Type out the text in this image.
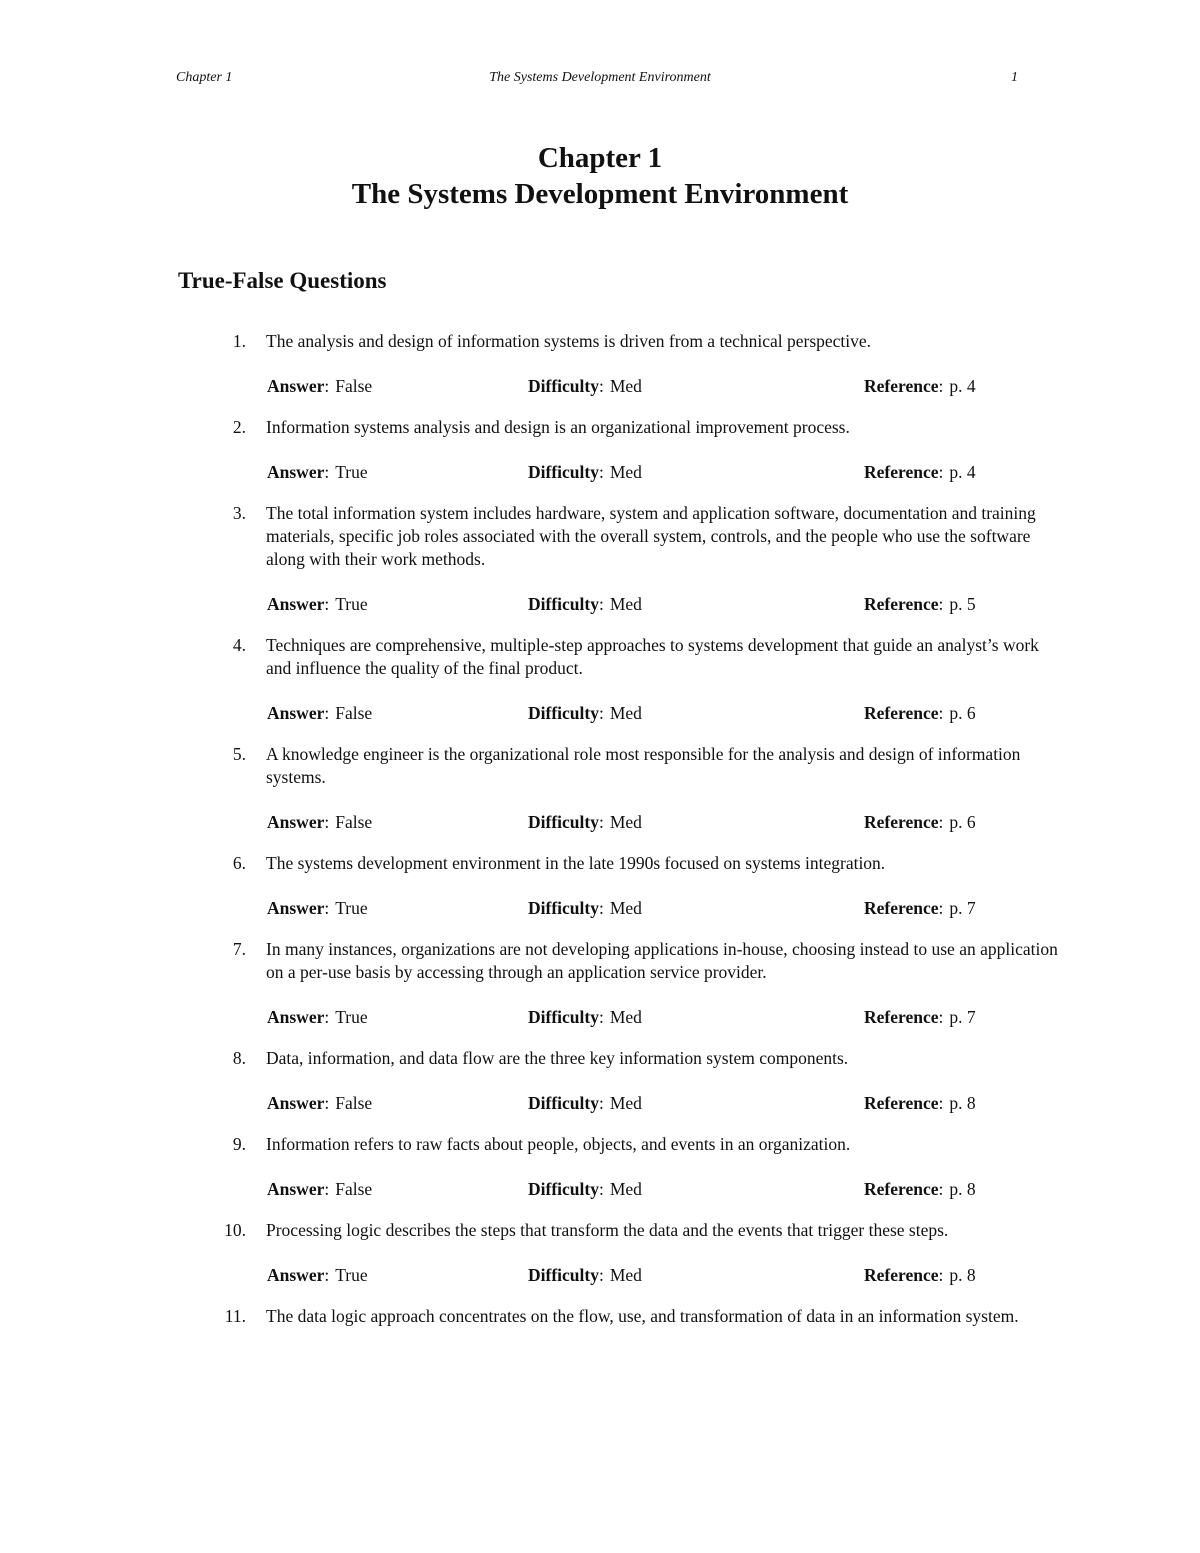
Chapter 1	The Systems Development Environment	1
Chapter 1
The Systems Development Environment
True-False Questions
1. The analysis and design of information systems is driven from a technical perspective.
Answer: False	Difficulty: Med	Reference: p. 4
2. Information systems analysis and design is an organizational improvement process.
Answer: True	Difficulty: Med	Reference: p. 4
3. The total information system includes hardware, system and application software, documentation and training materials, specific job roles associated with the overall system, controls, and the people who use the software along with their work methods.
Answer: True	Difficulty: Med	Reference: p. 5
4. Techniques are comprehensive, multiple-step approaches to systems development that guide an analyst’s work and influence the quality of the final product.
Answer: False	Difficulty: Med	Reference: p. 6
5. A knowledge engineer is the organizational role most responsible for the analysis and design of information systems.
Answer: False	Difficulty: Med	Reference: p. 6
6. The systems development environment in the late 1990s focused on systems integration.
Answer: True	Difficulty: Med	Reference: p. 7
7. In many instances, organizations are not developing applications in-house, choosing instead to use an application on a per-use basis by accessing through an application service provider.
Answer: True	Difficulty: Med	Reference: p. 7
8. Data, information, and data flow are the three key information system components.
Answer: False	Difficulty: Med	Reference: p. 8
9. Information refers to raw facts about people, objects, and events in an organization.
Answer: False	Difficulty: Med	Reference: p. 8
10. Processing logic describes the steps that transform the data and the events that trigger these steps.
Answer: True	Difficulty: Med	Reference: p. 8
11. The data logic approach concentrates on the flow, use, and transformation of data in an information system.
